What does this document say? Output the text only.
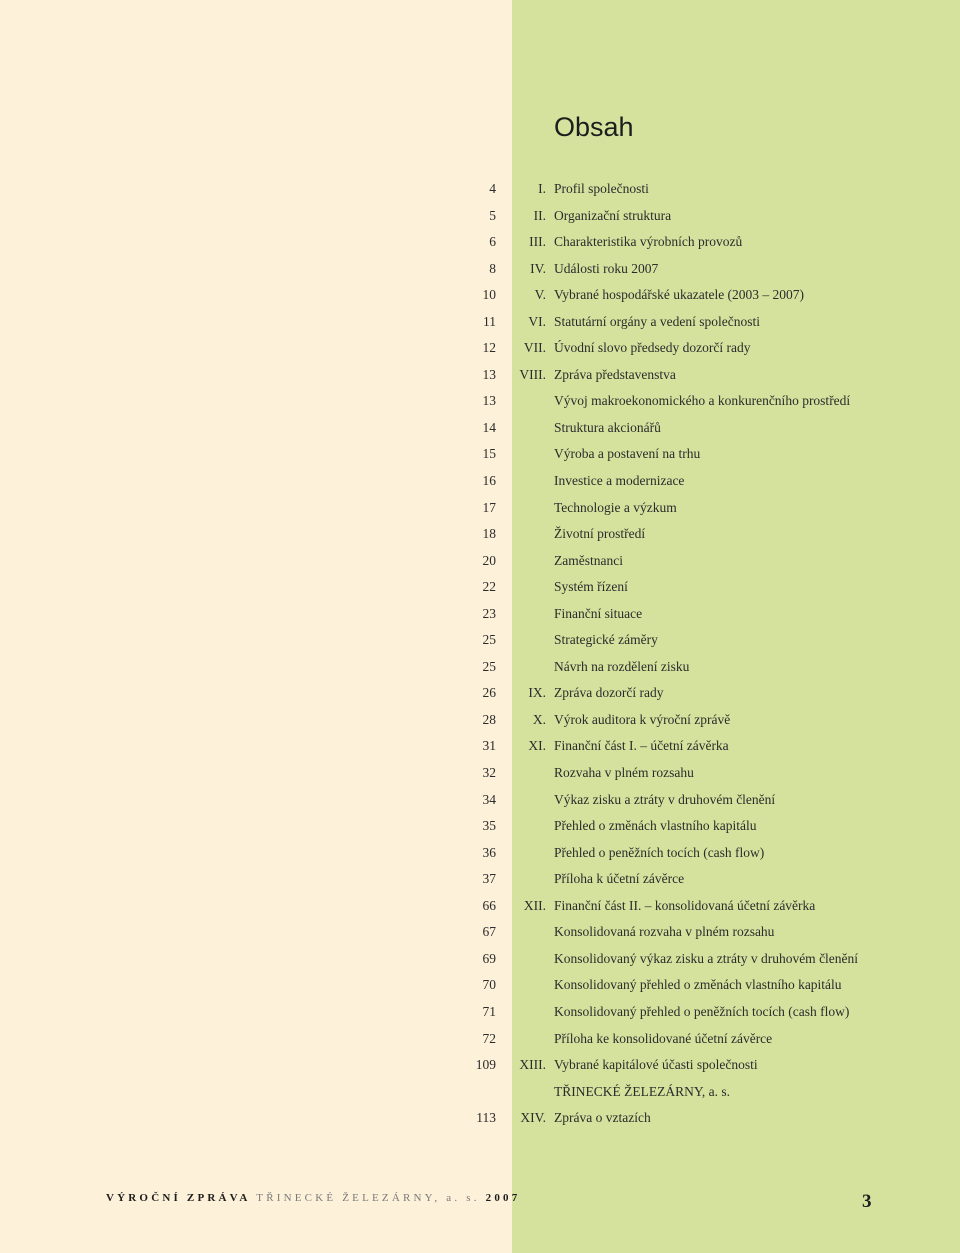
Obsah
4	I. Profil společnosti
5	II. Organizační struktura
6	III. Charakteristika výrobních provozů
8	IV. Události roku 2007
10	V. Vybrané hospodářské ukazatele (2003 – 2007)
11	VI. Statutární orgány a vedení společnosti
12	VII. Úvodní slovo předsedy dozorčí rady
13	VIII. Zpráva představenstva
13	Vývoj makroekonomického a konkurenčního prostředí
14	Struktura akcionářů
15	Výroba a postavení na trhu
16	Investice a modernizace
17	Technologie a výzkum
18	Životní prostředí
20	Zaměstnanci
22	Systém řízení
23	Finanční situace
25	Strategické záměry
25	Návrh na rozdělení zisku
26	IX. Zpráva dozorčí rady
28	X. Výrok auditora k výroční zprávě
31	XI. Finanční část I. – účetní závěrka
32	Rozvaha v plném rozsahu
34	Výkaz zisku a ztráty v druhovém členění
35	Přehled o změnách vlastního kapitálu
36	Přehled o peněžních tocích (cash flow)
37	Příloha k účetní závěrce
66	XII. Finanční část II. – konsolidovaná účetní závěrka
67	Konsolidovaná rozvaha v plném rozsahu
69	Konsolidovaný výkaz zisku a ztráty v druhovém členění
70	Konsolidovaný přehled o změnách vlastního kapitálu
71	Konsolidovaný přehled o peněžních tocích (cash flow)
72	Příloha ke konsolidované účetní závěrce
109	XIII. Vybrané kapitálové účasti společnosti
TŘINECKÉ ŽELEZÁRNY, a. s.
113	XIV. Zpráva o vztazích
VÝROČNÍ ZPRÁVA TŘINECKÉ ŽELEZÁRNY, a. s. 2007	3
